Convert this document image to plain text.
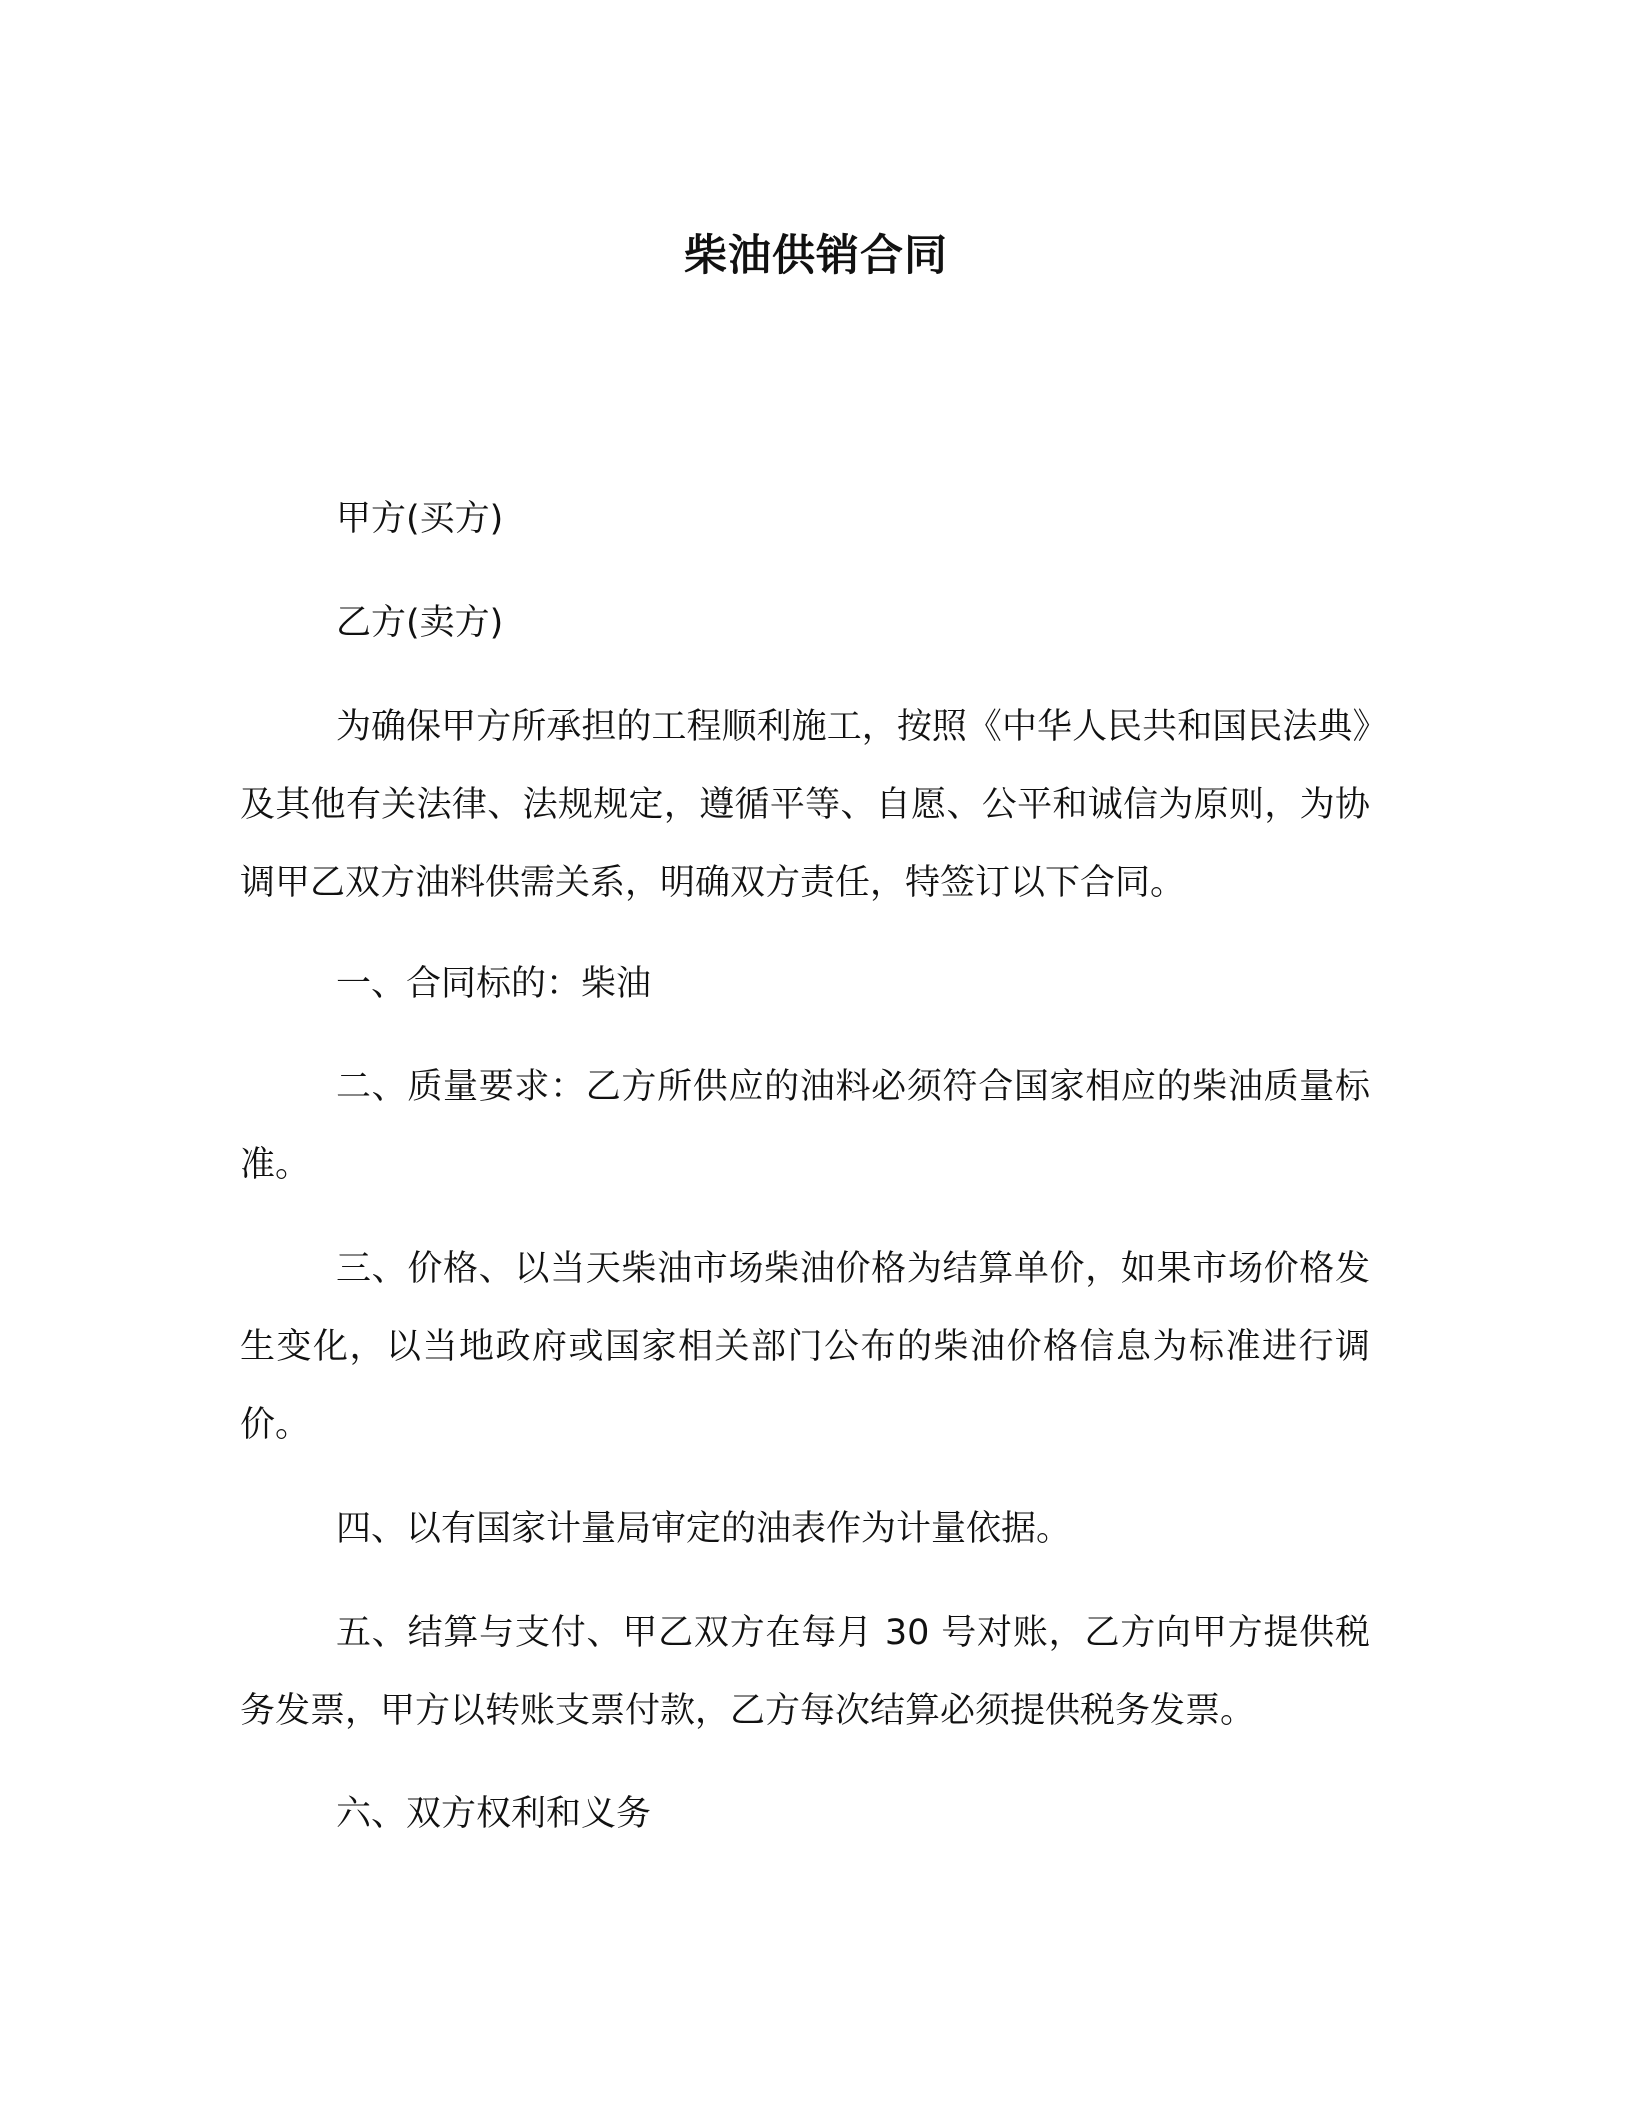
柴油供销合同

甲方(买方)

乙方(卖方)

为确保甲方所承担的工程顺利施工，按照《中华人民共和国民法典》及其他有关法律、法规规定，遵循平等、自愿、公平和诚信为原则，为协调甲乙双方油料供需关系，明确双方责任，特签订以下合同。

一、合同标的：柴油

二、质量要求：乙方所供应的油料必须符合国家相应的柴油质量标准。

三、价格、以当天柴油市场柴油价格为结算单价，如果市场价格发生变化，以当地政府或国家相关部门公布的柴油价格信息为标准进行调价。

四、以有国家计量局审定的油表作为计量依据。

五、结算与支付、甲乙双方在每月 30 号对账，乙方向甲方提供税务发票，甲方以转账支票付款，乙方每次结算必须提供税务发票。

六、双方权利和义务
